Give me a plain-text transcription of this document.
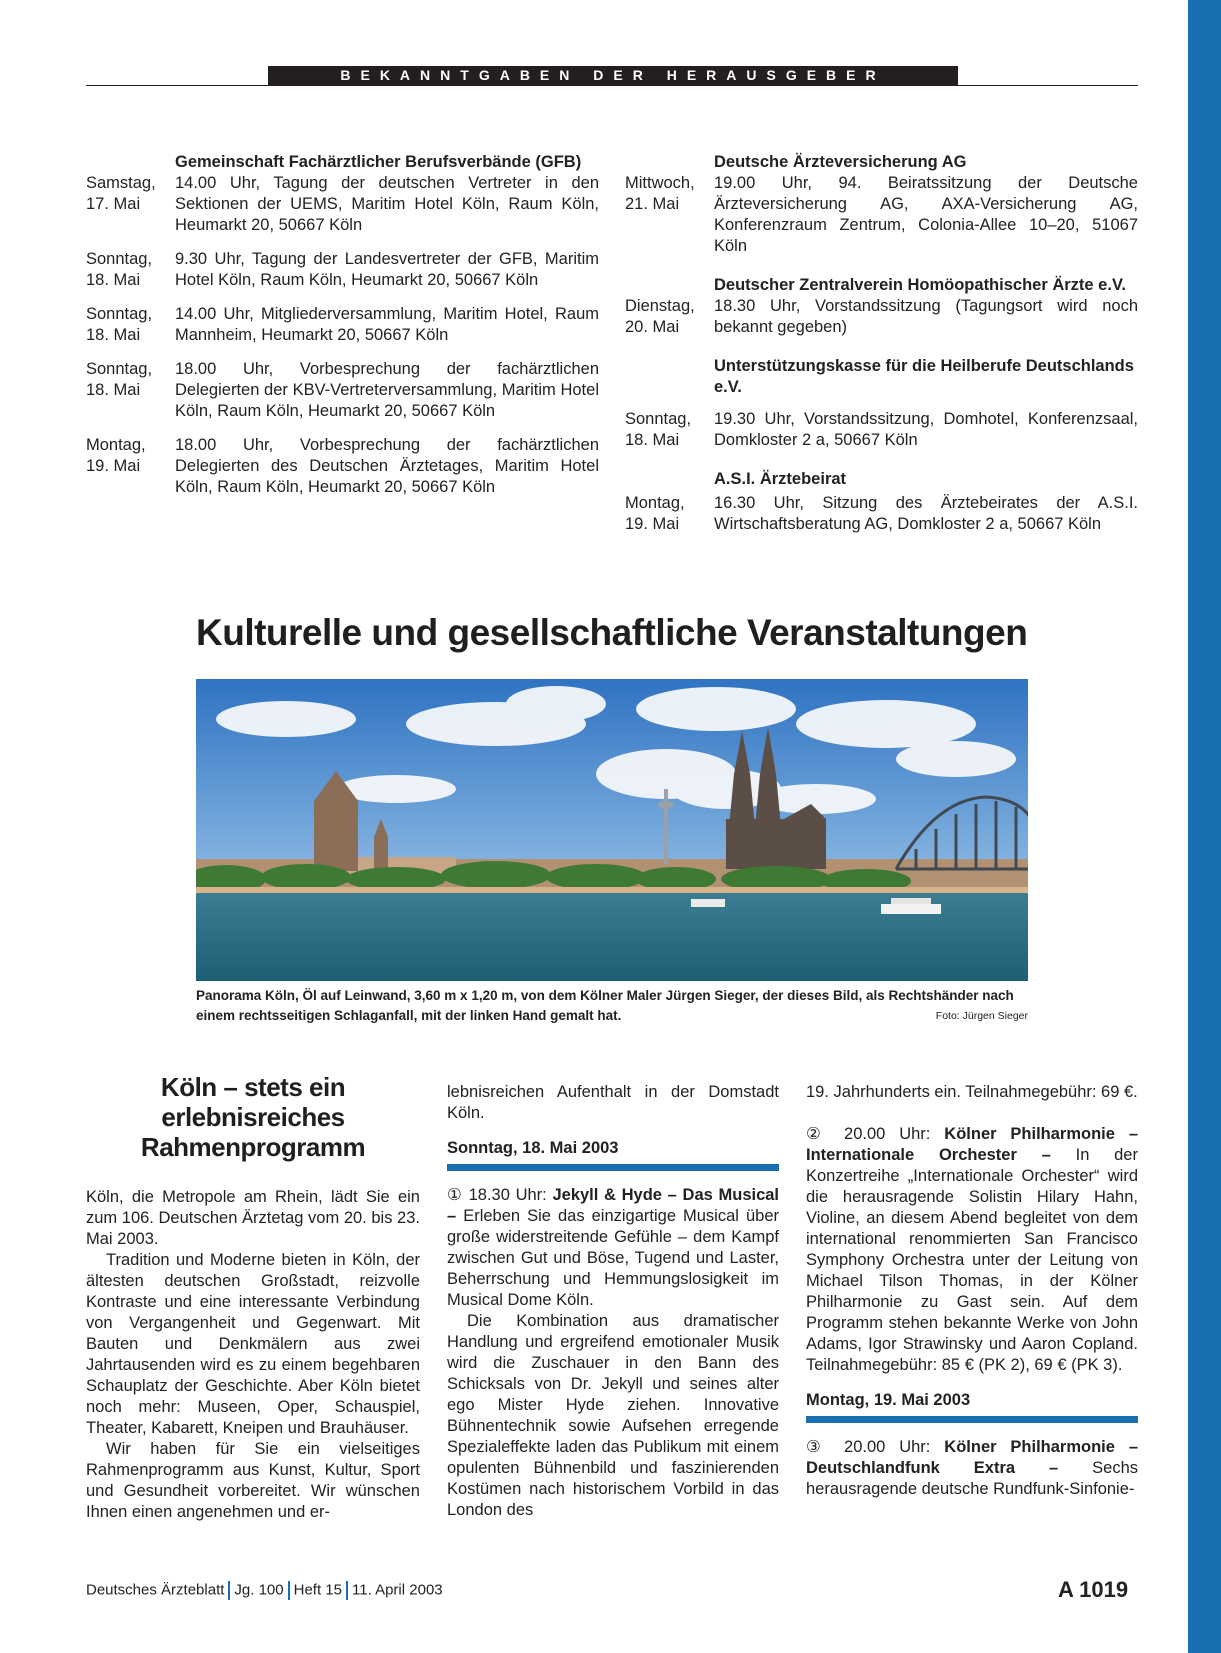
BEKANNTGABEN DER HERAUSGEBER
Gemeinschaft Fachärztlicher Berufsverbände (GFB)
Samstag,
17. Mai
14.00 Uhr, Tagung der deutschen Vertreter in den Sektionen der UEMS, Maritim Hotel Köln, Raum Köln, Heumarkt 20, 50667 Köln
Sonntag,
18. Mai
9.30 Uhr, Tagung der Landesvertreter der GFB, Maritim Hotel Köln, Raum Köln, Heumarkt 20, 50667 Köln
Sonntag,
18. Mai
14.00 Uhr, Mitgliederversammlung, Maritim Hotel, Raum Mannheim, Heumarkt 20, 50667 Köln
Sonntag,
18. Mai
18.00 Uhr, Vorbesprechung der fachärztlichen Delegierten der KBV-Vertreterversammlung, Maritim Hotel Köln, Raum Köln, Heumarkt 20, 50667 Köln
Montag,
19. Mai
18.00 Uhr, Vorbesprechung der fachärztlichen Delegierten des Deutschen Ärztetages, Maritim Hotel Köln, Raum Köln, Heumarkt 20, 50667 Köln
Deutsche Ärzteversicherung AG
Mittwoch,
21. Mai
19.00 Uhr, 94. Beiratssitzung der Deutsche Ärzteversicherung AG, AXA-Versicherung AG, Konferenzraum Zentrum, Colonia-Allee 10–20, 51067 Köln
Deutscher Zentralverein Homöopathischer Ärzte e.V.
Dienstag,
20. Mai
18.30 Uhr, Vorstandssitzung (Tagungsort wird noch bekannt gegeben)
Unterstützungskasse für die Heilberufe Deutschlands e.V.
Sonntag,
18. Mai
19.30 Uhr, Vorstandssitzung, Domhotel, Konferenzsaal, Domkloster 2 a, 50667 Köln
A.S.I. Ärztebeirat
Montag,
19. Mai
16.30 Uhr, Sitzung des Ärztebeirates der A.S.I. Wirtschaftsberatung AG, Domkloster 2 a, 50667 Köln
Kulturelle und gesellschaftliche Veranstaltungen
Panorama Köln, Öl auf Leinwand, 3,60 m x 1,20 m, von dem Kölner Maler Jürgen Sieger, der dieses Bild, als Rechtshänder nach einem rechtsseitigen Schlaganfall, mit der linken Hand gemalt hat.	Foto: Jürgen Sieger
Köln – stets ein erlebnisreiches Rahmenprogramm

Köln, die Metropole am Rhein, lädt Sie ein zum 106. Deutschen Ärztetag vom 20. bis 23. Mai 2003.

Tradition und Moderne bieten in Köln, der ältesten deutschen Großstadt, reizvolle Kontraste und eine interessante Verbindung von Vergangenheit und Gegenwart. Mit Bauten und Denkmälern aus zwei Jahrtausenden wird es zu einem begehbaren Schauplatz der Geschichte. Aber Köln bietet noch mehr: Museen, Oper, Schauspiel, Theater, Kabarett, Kneipen und Brauhäuser.

Wir haben für Sie ein vielseitiges Rahmenprogramm aus Kunst, Kultur, Sport und Gesundheit vorbereitet. Wir wünschen Ihnen einen angenehmen und er-

lebnisreichen Aufenthalt in der Domstadt Köln.

Sonntag, 18. Mai 2003

① 18.30 Uhr: Jekyll & Hyde – Das Musical – Erleben Sie das einzigartige Musical über große widerstreitende Gefühle – dem Kampf zwischen Gut und Böse, Tugend und Laster, Beherrschung und Hemmungslosigkeit im Musical Dome Köln.

Die Kombination aus dramatischer Handlung und ergreifend emotionaler Musik wird die Zuschauer in den Bann des Schicksals von Dr. Jekyll und seines alter ego Mister Hyde ziehen. Innovative Bühnentechnik sowie Aufsehen erregende Spezialeffekte laden das Publikum mit einem opulenten Bühnenbild und faszinierenden Kostümen nach historischem Vorbild in das London des

19. Jahrhunderts ein. Teilnahmegebühr: 69 €.

② 20.00 Uhr: Kölner Philharmonie – Internationale Orchester – In der Konzertreihe „Internationale Orchester“ wird die herausragende Solistin Hilary Hahn, Violine, an diesem Abend begleitet von dem international renommierten San Francisco Symphony Orchestra unter der Leitung von Michael Tilson Thomas, in der Kölner Philharmonie zu Gast sein. Auf dem Programm stehen bekannte Werke von John Adams, Igor Strawinsky und Aaron Copland. Teilnahmegebühr: 85 € (PK 2), 69 € (PK 3).

Montag, 19. Mai 2003

③ 20.00 Uhr: Kölner Philharmonie – Deutschlandfunk Extra – Sechs herausragende deutsche Rundfunk-Sinfonie-

Deutsches Ärzteblatt Jg. 100 Heft 15 11. April 2003	A 1019
